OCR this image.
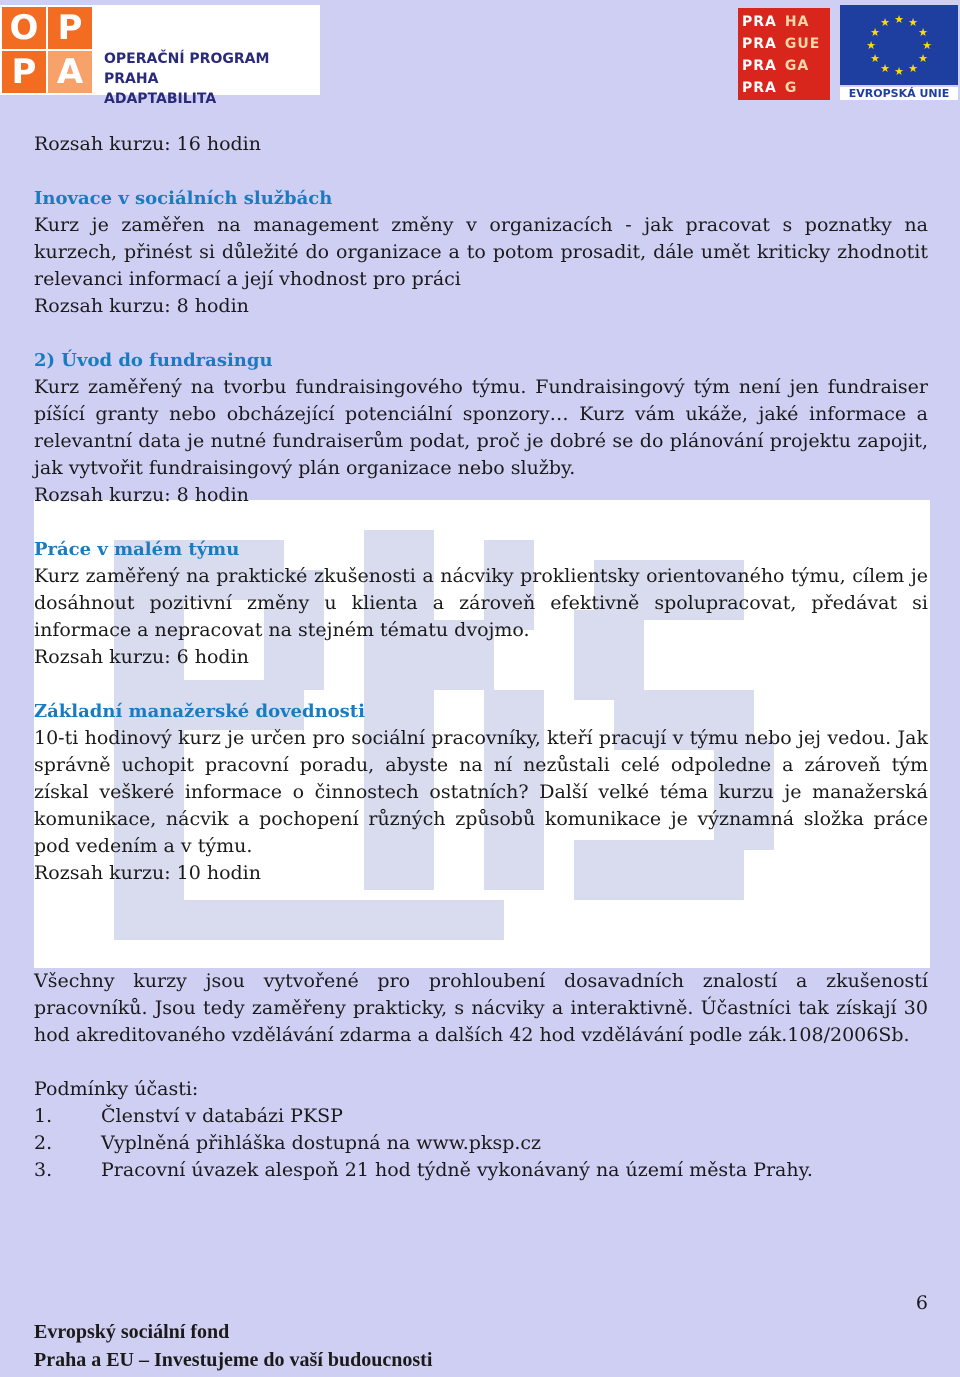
O P
P A	OPERAČNÍ PROGRAM PRAHA
ADAPTABILITA
PRA HA
PRA GUE
PRA GA
PRA G
★ ★
★
★
★
★
★
★
★
★
★
★
EVROPSKÁ UNIE

Rozsah kurzu: 16 hodin

Inovace v sociálních službách

Kurz je zaměřen na management změny v organizacích - jak pracovat s poznatky na kurzech, přinést si důležité do organizace a to potom prosadit, dále umět kriticky zhodnotit relevanci informací a její vhodnost pro práci

Rozsah kurzu: 8 hodin

2) Úvod do fundrasingu

Kurz zaměřený na tvorbu fundraisingového týmu. Fundraisingový tým není jen fundraiser píšící granty nebo obcházející potenciální sponzory… Kurz vám ukáže, jaké informace a relevantní data je nutné fundraiserům podat, proč je dobré se do plánování projektu zapojit, jak vytvořit fundraisingový plán organizace nebo služby.

Rozsah kurzu: 8 hodin

Práce v malém týmu

Kurz zaměřený na praktické zkušenosti a nácviky proklientsky orientovaného týmu, cílem je dosáhnout pozitivní změny u klienta a zároveň efektivně spolupracovat, předávat si informace a nepracovat na stejném tématu dvojmo.

Rozsah kurzu: 6 hodin

Základní manažerské dovednosti

10-ti hodinový kurz je určen pro sociální pracovníky, kteří pracují v týmu nebo jej vedou. Jak správně uchopit pracovní poradu, abyste na ní nezůstali celé odpoledne a zároveň tým získal veškeré informace o činnostech ostatních? Další velké téma kurzu je manažerská komunikace, nácvik a pochopení různých způsobů komunikace je významná složka práce pod vedením a v týmu.

Rozsah kurzu: 10 hodin

Všechny kurzy jsou vytvořené pro prohloubení dosavadních znalostí a zkušeností pracovníků. Jsou tedy zaměřeny prakticky, s nácviky a interaktivně. Účastníci tak získají 30 hod akreditovaného vzdělávání zdarma a dalších 42 hod vzdělávání podle zák.108/2006Sb.

Podmínky účasti:

1.	Členství v databázi PKSP
2.	Vyplněná přihláška dostupná na www.pksp.cz
3.	Pracovní úvazek alespoň 21 hod týdně vykonávaný na území města Prahy.
6
Evropský sociální fond
Praha a EU – Investujeme do vaší budoucnosti
